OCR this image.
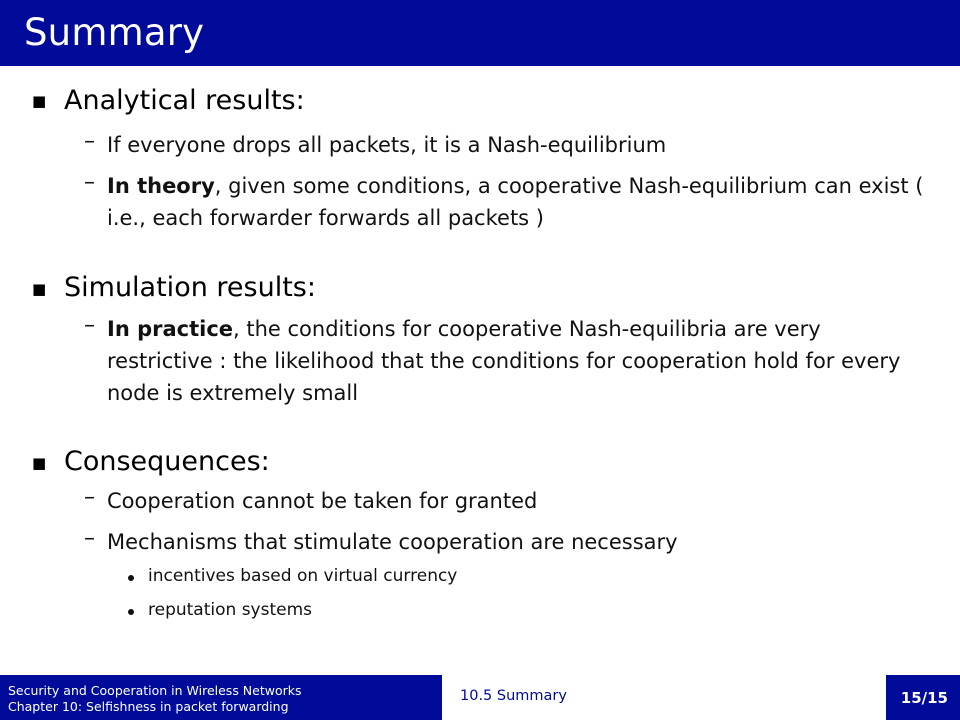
Summary
■ Analytical results:
– If everyone drops all packets, it is a Nash-equilibrium
– In theory, given some conditions, a cooperative Nash-equilibrium can exist ( i.e., each forwarder forwards all packets )
■ Simulation results:
– In practice, the conditions for cooperative Nash-equilibria are very restrictive : the likelihood that the conditions for cooperation hold for every node is extremely small
■ Consequences:
– Cooperation cannot be taken for granted
– Mechanisms that stimulate cooperation are necessary
incentives based on virtual currency
reputation systems
Security and Cooperation in Wireless Networks
Chapter 10: Selfishness in packet forwarding
10.5 Summary	15/15
